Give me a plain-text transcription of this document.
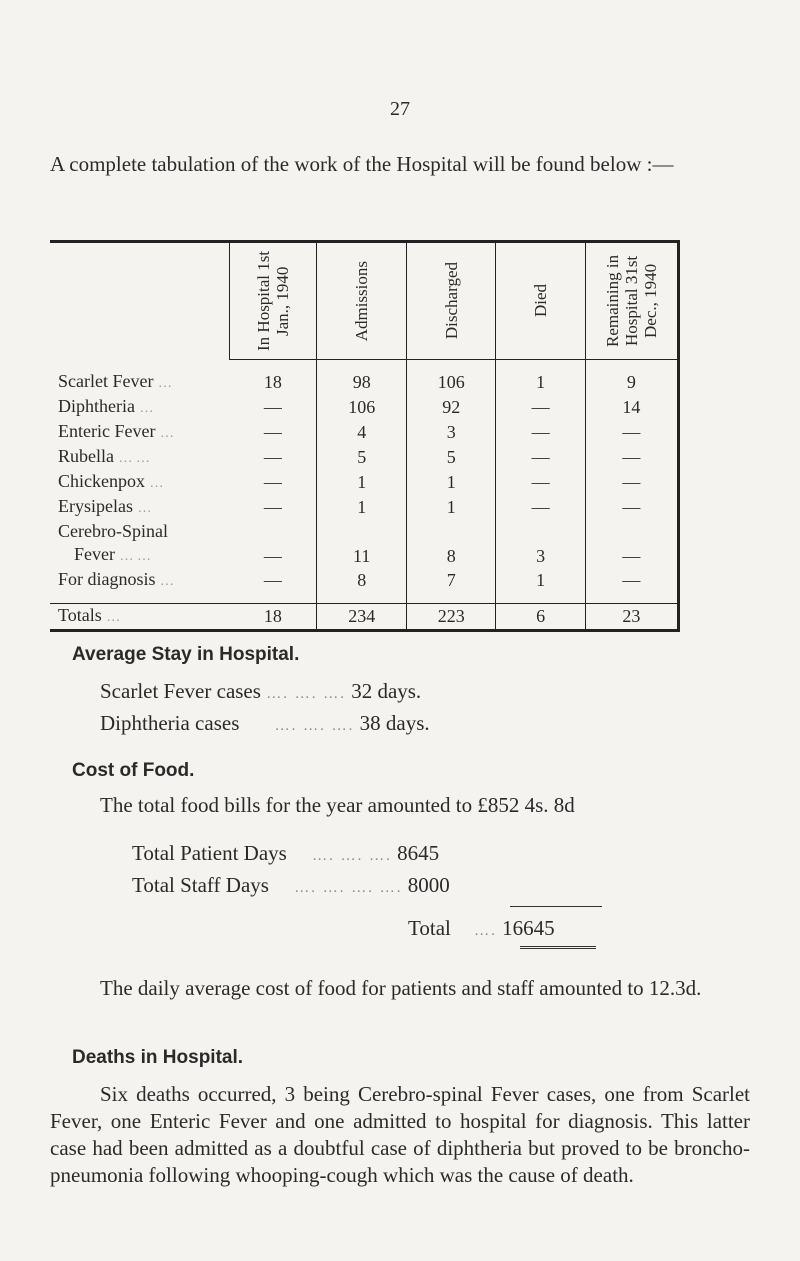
27

A complete tabulation of the work of the Hospital will be found below :—

	In Hospital 1st Jan., 1940	Admissions	Discharged	Died	Remaining in Hospital 31st Dec., 1940

Scarlet Fever …	18	98	106	1	9
Diphtheria …	—	106	92	—	14
Enteric Fever …	—	4	3	—	—
Rubella … …	—	5	5	—	—
Chickenpox …	—	1	1	—	—
Erysipelas …	—	1	1	—	—
Cerebro-Spinal
Fever … …	—	11	8	3	—
For diagnosis …	—	8	7	1	—
Totals …	18	234	223	6	23
Average Stay in Hospital.
Scarlet Fever cases …. …. …. 32 days.
Diphtheria cases …. …. …. 38 days.
Cost of Food.
The total food bills for the year amounted to £852 4s. 8d
Total Patient Days …. …. …. 8645
Total Staff Days …. …. …. …. 8000
Total …. 16645

The daily average cost of food for patients and staff amounted to 12.3d.

Deaths in Hospital.

Six deaths occurred, 3 being Cerebro-spinal Fever cases, one from Scarlet Fever, one Enteric Fever and one admitted to hospital for diagnosis. This latter case had been admitted as a doubtful case of diphtheria but proved to be broncho-pneumonia following whooping-cough which was the cause of death.
